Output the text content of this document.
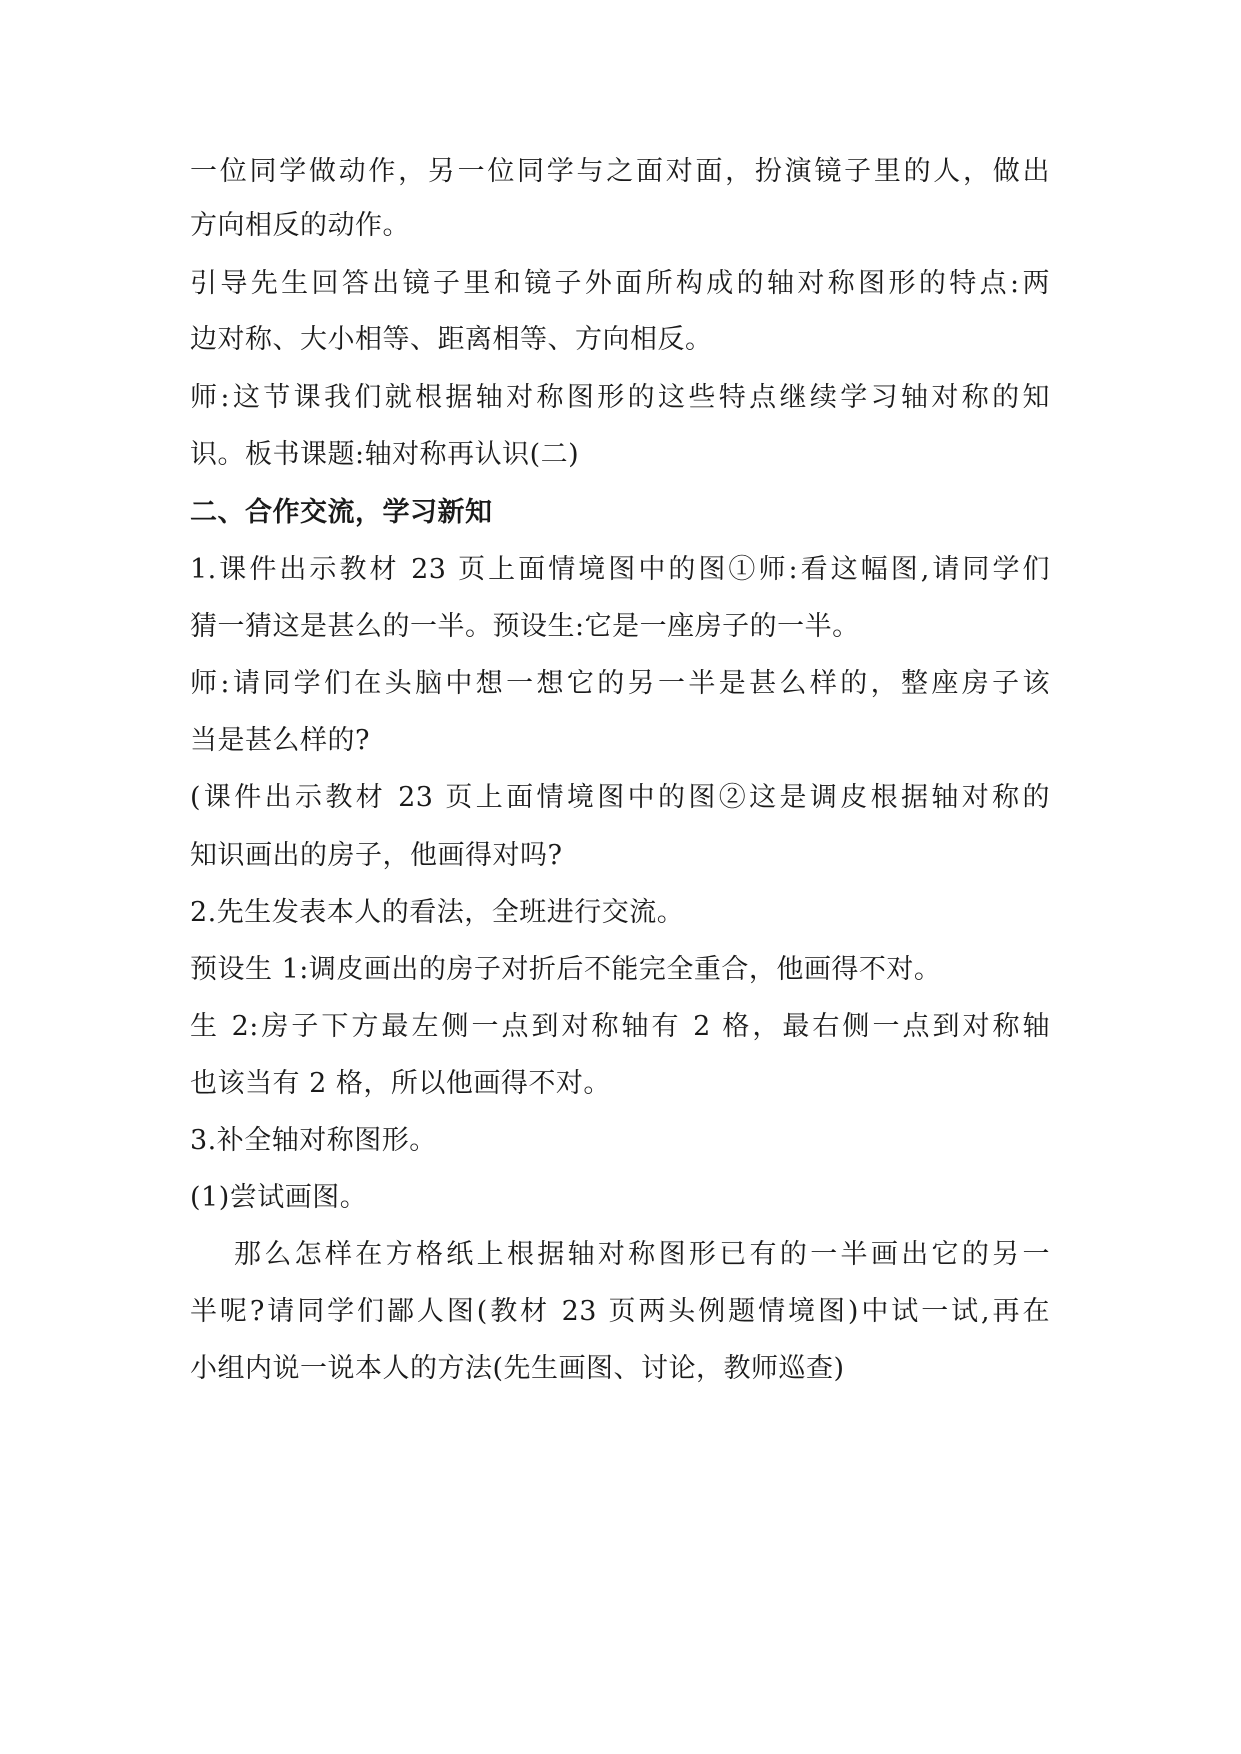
一位同学做动作，另一位同学与之面对面，扮演镜子里的人，做出
方向相反的动作。
引导先生回答出镜子里和镜子外面所构成的轴对称图形的特点:两
边对称、大小相等、距离相等、方向相反。
师:这节课我们就根据轴对称图形的这些特点继续学习轴对称的知
识。板书课题:轴对称再认识(二)
二、合作交流，学习新知
1.课件出示教材 23 页上面情境图中的图①师:看这幅图,请同学们
猜一猜这是甚么的一半。预设生:它是一座房子的一半。
师:请同学们在头脑中想一想它的另一半是甚么样的，整座房子该
当是甚么样的?
(课件出示教材 23 页上面情境图中的图②这是调皮根据轴对称的
知识画出的房子，他画得对吗?
2.先生发表本人的看法，全班进行交流。
预设生 1:调皮画出的房子对折后不能完全重合，他画得不对。
生 2:房子下方最左侧一点到对称轴有 2 格，最右侧一点到对称轴
也该当有 2 格，所以他画得不对。
3.补全轴对称图形。
(1)尝试画图。
那么怎样在方格纸上根据轴对称图形已有的一半画出它的另一
半呢?请同学们鄙人图(教材 23 页两头例题情境图)中试一试,再在
小组内说一说本人的方法(先生画图、讨论，教师巡查)
